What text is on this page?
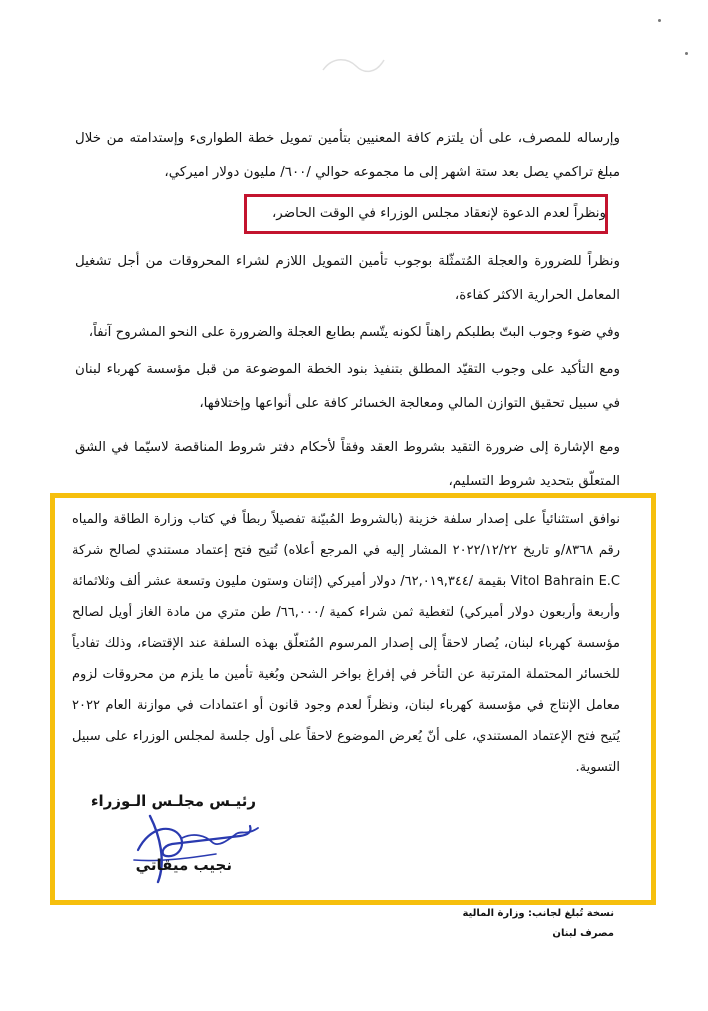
وإرساله للمصرف، على أن يلتزم كافة المعنيين بتأمين تمويل خطة الطوارىء وإستدامته من خلال مبلغ تراكمي يصل بعد ستة اشهر إلى ما مجموعه حوالي /٦٠٠/ مليون دولار اميركي،
ونظراً لعدم الدعوة لإنعقاد مجلس الوزراء في الوقت الحاضر،
ونظراً للضرورة والعجلة المُتمثّلة بوجوب تأمين التمويل اللازم لشراء المحروقات من أجل تشغيل المعامل الحرارية الاكثر كفاءة،
وفي ضوء وجوب البتّ بطلبكم راهناً لكونه يتّسم بطابع العجلة والضرورة على النحو المشروح آنفاً،
ومع التأكيد على وجوب التقيّد المطلق بتنفيذ بنود الخطة الموضوعة من قبل مؤسسة كهرباء لبنان في سبيل تحقيق التوازن المالي ومعالجة الخسائر كافة على أنواعها وإختلافها،
ومع الإشارة إلى ضرورة التقيد بشروط العقد وفقاً لأحكام دفتر شروط المناقصة لاسيّما في الشق المتعلّق بتحديد شروط التسليم،
نوافق استثنائياً على إصدار سلفة خزينة (بالشروط المُبيّنة تفصيلاً ربطاً في كتاب وزارة الطاقة والمياه رقم ٨٣٦٨/و تاريخ ٢٠٢٢/١٢/٢٢ المشار إليه في المرجع أعلاه) تُتيح فتح إعتماد مستندي لصالح شركة Vitol Bahrain E.C بقيمة /٦٢,٠١٩,٣٤٤/ دولار أميركي (إثنان وستون مليون وتسعة عشر ألف وثلاثمائة وأربعة وأربعون دولار أميركي) لتغطية ثمن شراء كمية /٦٦,٠٠٠/ طن متري من مادة الغاز أويل لصالح مؤسسة كهرباء لبنان، يُصار لاحقاً إلى إصدار المرسوم المُتعلّق بهذه السلفة عند الإقتضاء، وذلك تفادياً للخسائر المحتملة المترتبة عن التأخر في إفراغ بواخر الشحن وبُغية تأمين ما يلزم من محروقات لزوم معامل الإنتاج في مؤسسة كهرباء لبنان، ونظراً لعدم وجود قانون أو اعتمادات في موازنة العام ٢٠٢٢ يُتيح فتح الإعتماد المستندي، على أنّ يُعرض الموضوع لاحقاً على أول جلسة لمجلس الوزراء على سبيل التسوية.
رئيـس مجلـس الـوزراء
نجيب ميقاتي
نسخة تُبلغ لجانب: وزارة المالية
مصرف لبنان
